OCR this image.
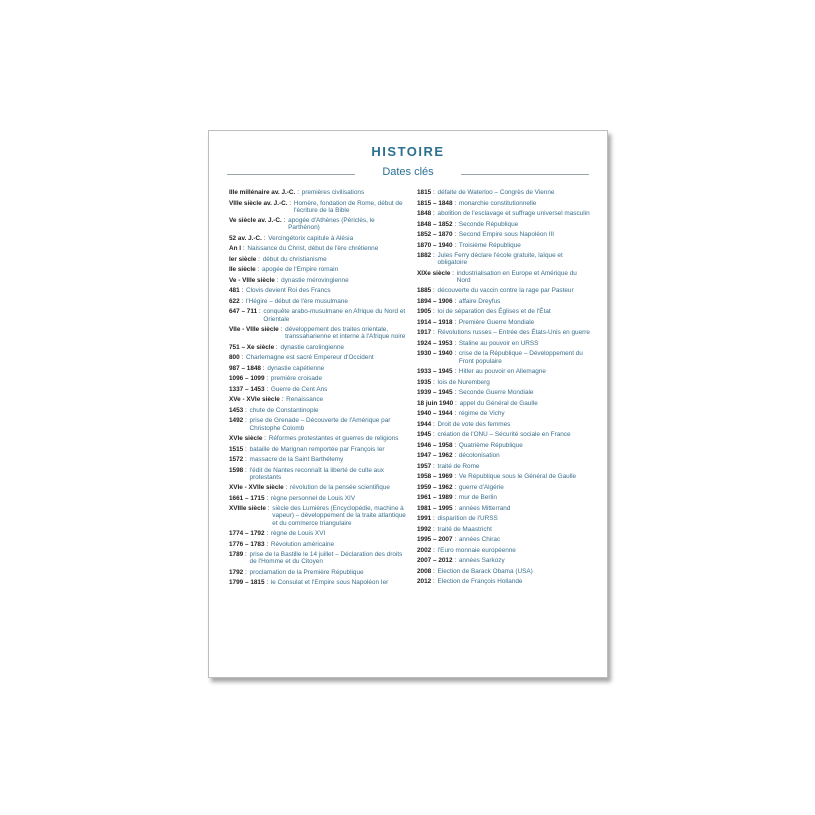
HISTOIRE
Dates clés
IIIe millénaire av. J.-C. : premières civilisations
VIIIe siècle av. J.-C. : Homère, fondation de Rome, début de l'écriture de la Bible
Ve siècle av. J.-C. : apogée d'Athènes (Périclès, le Parthénon)
52 av. J.-C. : Vercingétorix capitule à Alésia
An I : Naissance du Christ, début de l'ère chrétienne
Ier siècle : début du christianisme
IIe siècle : apogée de l'Empire romain
Ve - VIIIe siècle : dynastie mérovingienne
481 : Clovis devient Roi des Francs
622 : l'Hégire – début de l'ère musulmane
647 – 711 : conquête arabo-musulmane en Afrique du Nord et Orientale
VIIe - VIIIe siècle : développement des traites orientale, transsaharienne et interne à l'Afrique noire
751 – Xe siècle : dynastie carolingienne
800 : Charlemagne est sacré Empereur d'Occident
987 – 1848 : dynastie capétienne
1096 – 1099 : première croisade
1337 – 1453 : Guerre de Cent Ans
XVe - XVIe siècle : Renaissance
1453 : chute de Constantinople
1492 : prise de Grenade – Découverte de l'Amérique par Christophe Colomb
XVIe siècle : Réformes protestantes et guerres de religions
1515 : bataille de Marignan remportée par François Ier
1572 : massacre de la Saint Barthélemy
1598 : l'édit de Nantes reconnaît la liberté de culte aux protestants
XVIe - XVIIe siècle : révolution de la pensée scientifique
1661 – 1715 : règne personnel de Louis XIV
XVIIIe siècle : siècle des Lumières (Encyclopédie, machine à vapeur) – développement de la traite atlantique et du commerce triangulaire
1774 – 1792 : règne de Louis XVI
1776 – 1783 : Révolution américaine
1789 : prise de la Bastille le 14 juillet – Déclaration des droits de l'Homme et du Citoyen
1792 : proclamation de la Première République
1799 – 1815 : le Consulat et l'Empire sous Napoléon Ier
1815 : défaite de Waterloo – Congrès de Vienne
1815 – 1848 : monarchie constitutionnelle
1848 : abolition de l'esclavage et suffrage universel masculin
1848 – 1852 : Seconde République
1852 – 1870 : Second Empire sous Napoléon III
1870 – 1940 : Troisième République
1882 : Jules Ferry déclare l'école gratuite, laïque et obligatoire
XIXe siècle : industrialisation en Europe et Amérique du Nord
1885 : découverte du vaccin contre la rage par Pasteur
1894 – 1906 : affaire Dreyfus
1905 : loi de séparation des Églises et de l'État
1914 – 1918 : Première Guerre Mondiale
1917 : Révolutions russes – Entrée des États-Unis en guerre
1924 – 1953 : Staline au pouvoir en URSS
1930 – 1940 : crise de la République – Développement du Front populaire
1933 – 1945 : Hitler au pouvoir en Allemagne
1935 : lois de Nuremberg
1939 – 1945 : Seconde Guerre Mondiale
18 juin 1940 : appel du Général de Gaulle
1940 – 1944 : régime de Vichy
1944 : Droit de vote des femmes
1945 : création de l'ONU – Sécurité sociale en France
1946 – 1958 : Quatrième République
1947 – 1962 : décolonisation
1957 : traité de Rome
1958 – 1969 : Ve République sous le Général de Gaulle
1959 – 1962 : guerre d'Algérie
1961 – 1989 : mur de Berlin
1981 – 1995 : années Mitterrand
1991 : disparition de l'URSS
1992 : traité de Maastricht
1995 – 2007 : années Chirac
2002 : l'Euro monnaie européenne
2007 – 2012 : années Sarkozy
2008 : Election de Barack Obama (USA)
2012 : Election de François Hollande
